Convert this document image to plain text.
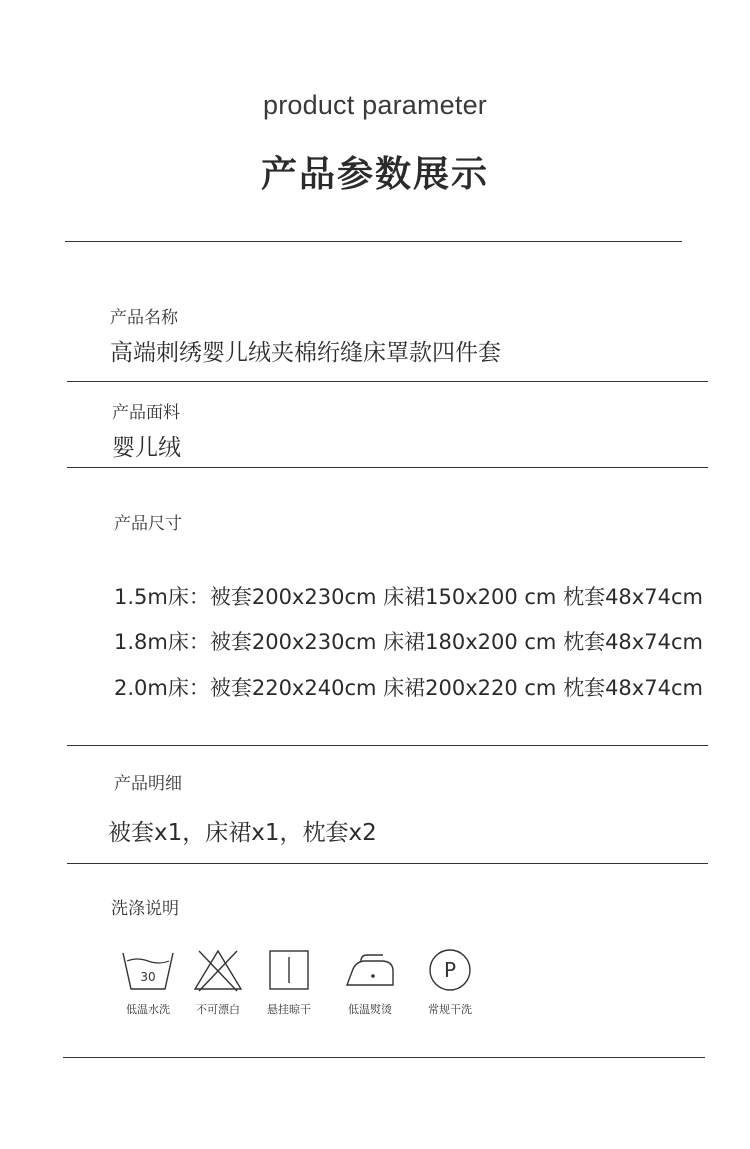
product parameter
产品参数展示
产品名称
高端刺绣婴儿绒夹棉绗缝床罩款四件套
产品面料
婴儿绒
产品尺寸
1.5m床：被套200x230cm 床裙150x200 cm 枕套48x74cm
1.8m床：被套200x230cm 床裙180x200 cm 枕套48x74cm
2.0m床：被套220x240cm 床裙200x220 cm 枕套48x74cm
产品明细
被套x1，床裙x1，枕套x2
洗涤说明
30
低温水洗 不可漂白 悬挂晾干	低温熨烫
P
常规干洗
